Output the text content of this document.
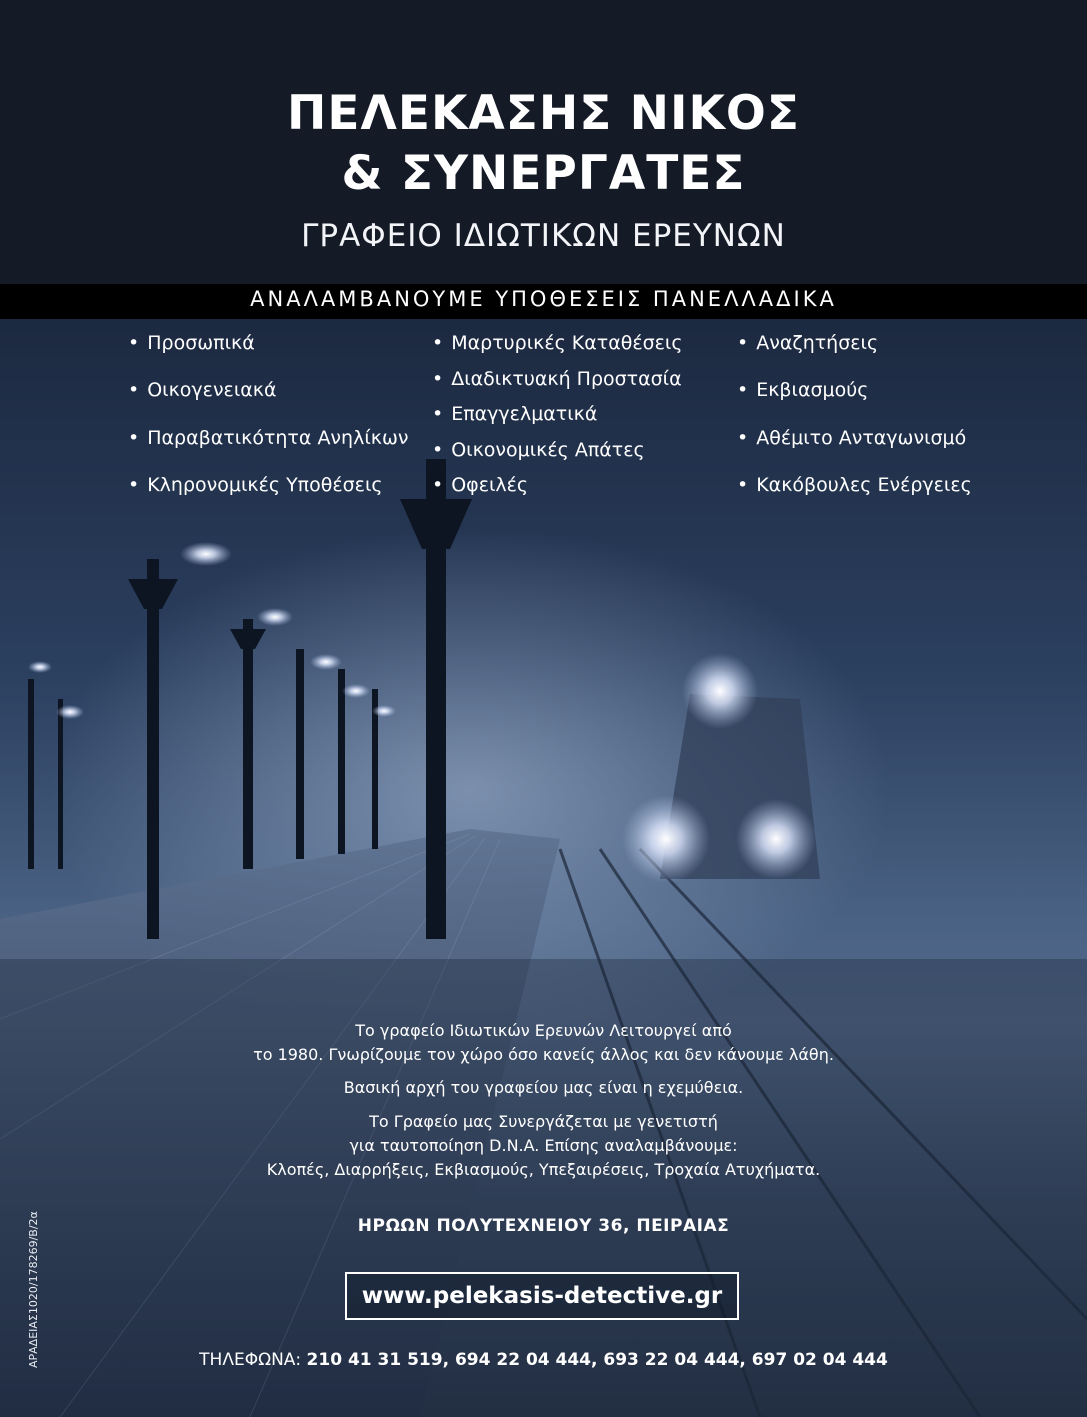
ΠΕΛΕΚΑΣΗΣ ΝΙΚΟΣ
& ΣΥΝΕΡΓΑΤΕΣ
ΓΡΑΦΕΙΟ ΙΔΙΩΤΙΚΩΝ ΕΡΕΥΝΩΝ
ΑΝΑΛΑΜΒΑΝΟΥΜΕ ΥΠΟΘΕΣΕΙΣ ΠΑΝΕΛΛΑΔΙΚΑ
• Προσωπικά
• Οικογενειακά
• Παραβατικότητα Ανηλίκων
• Κληρονομικές Υποθέσεις
• Μαρτυρικές Καταθέσεις
• Διαδικτυακή Προστασία
• Επαγγελματικά
• Οικονομικές Απάτες
• Οφειλές
• Αναζητήσεις
• Εκβιασμούς
• Αθέμιτο Ανταγωνισμό
• Κακόβουλες Ενέργειες
Το γραφείο Ιδιωτικών Ερευνών Λειτουργεί από
το 1980. Γνωρίζουμε τον χώρο όσο κανείς άλλος και δεν κάνουμε λάθη.
Βασική αρχή του γραφείου μας είναι η εχεμύθεια.
Το Γραφείο μας Συνεργάζεται με γενετιστή
για ταυτοποίηση D.N.A. Επίσης αναλαμβάνουμε:
Κλοπές, Διαρρήξεις, Εκβιασμούς, Υπεξαιρέσεις, Τροχαία Ατυχήματα.
ΗΡΩΩΝ ΠΟΛΥΤΕΧΝΕΙΟΥ 36, ΠΕΙΡΑΙΑΣ
www.pelekasis-detective.gr
ΤΗΛΕΦΩΝΑ: 210 41 31 519, 694 22 04 444, 693 22 04 444, 697 02 04 444
ΑΡΑΔΕΙΑΣ1020/178269/Β/2α
